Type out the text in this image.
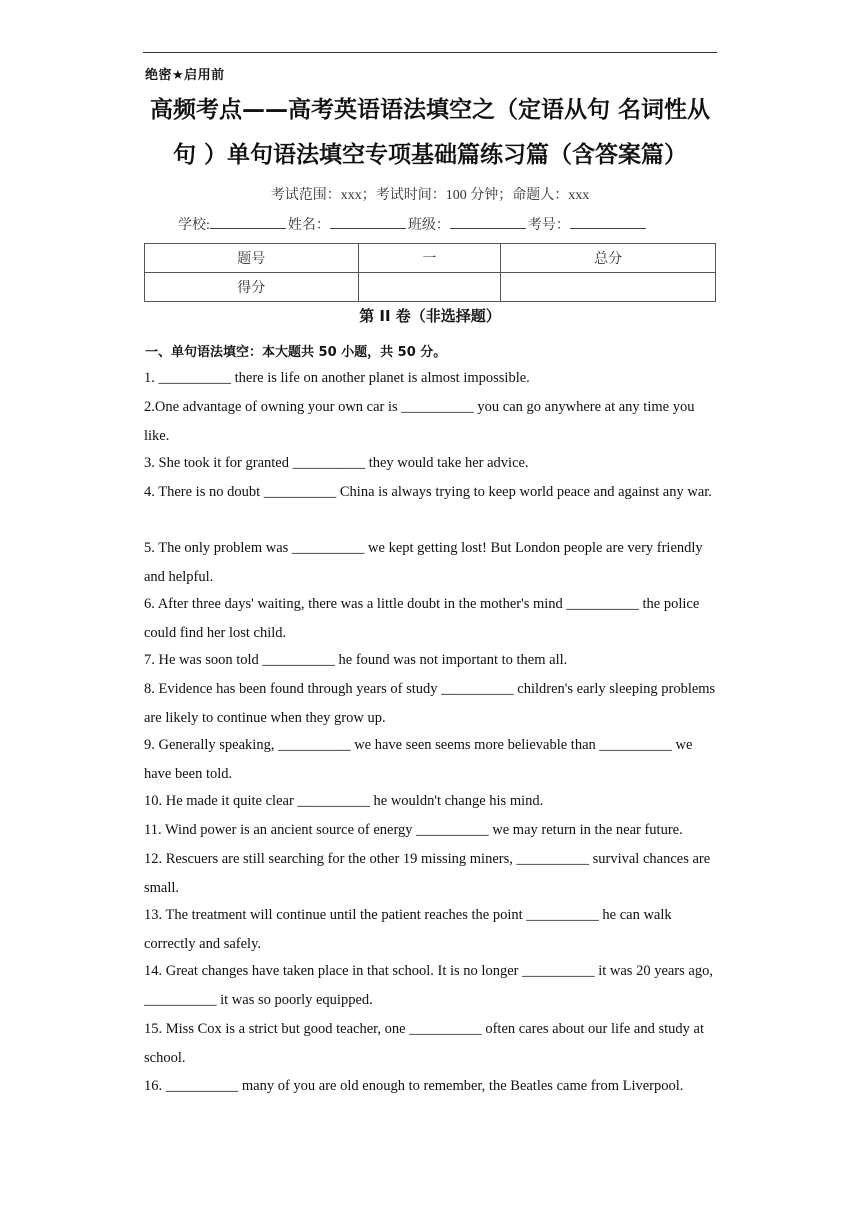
绝密★启用前
高频考点——高考英语语法填空之（定语从句 名词性从
句 ）单句语法填空专项基础篇练习篇（含答案篇）
考试范围：xxx；考试时间：100 分钟；命题人：xxx
学校:	姓名：	班级：	考号：
题号	一	总分
得分		
第 II 卷（非选择题）
一、单句语法填空：本大题共 50 小题，共 50 分。
1. __________ there is life on another planet is almost impossible.
2.One advantage of owning your own car is __________ you can go anywhere at any time you like.
3. She took it for granted __________ they would take her advice.
4. There is no doubt __________ China is always trying to keep world peace and against any war.
5. The only problem was __________ we kept getting lost! But London people are very friendly and helpful.
6. After three days' waiting, there was a little doubt in the mother's mind __________ the police could find her lost child.
7. He was soon told __________ he found was not important to them all.
8. Evidence has been found through years of study __________ children's early sleeping problems are likely to continue when they grow up.
9. Generally speaking, __________ we have seen seems more believable than __________ we have been told.
10. He made it quite clear __________ he wouldn't change his mind.
11. Wind power is an ancient source of energy __________ we may return in the near future.
12. Rescuers are still searching for the other 19 missing miners, __________ survival chances are small.
13. The treatment will continue until the patient reaches the point __________ he can walk correctly and safely.
14. Great changes have taken place in that school. It is no longer __________ it was 20 years ago, __________ it was so poorly equipped.
15. Miss Cox is a strict but good teacher, one __________ often cares about our life and study at school.
16. __________ many of you are old enough to remember, the Beatles came from Liverpool.
